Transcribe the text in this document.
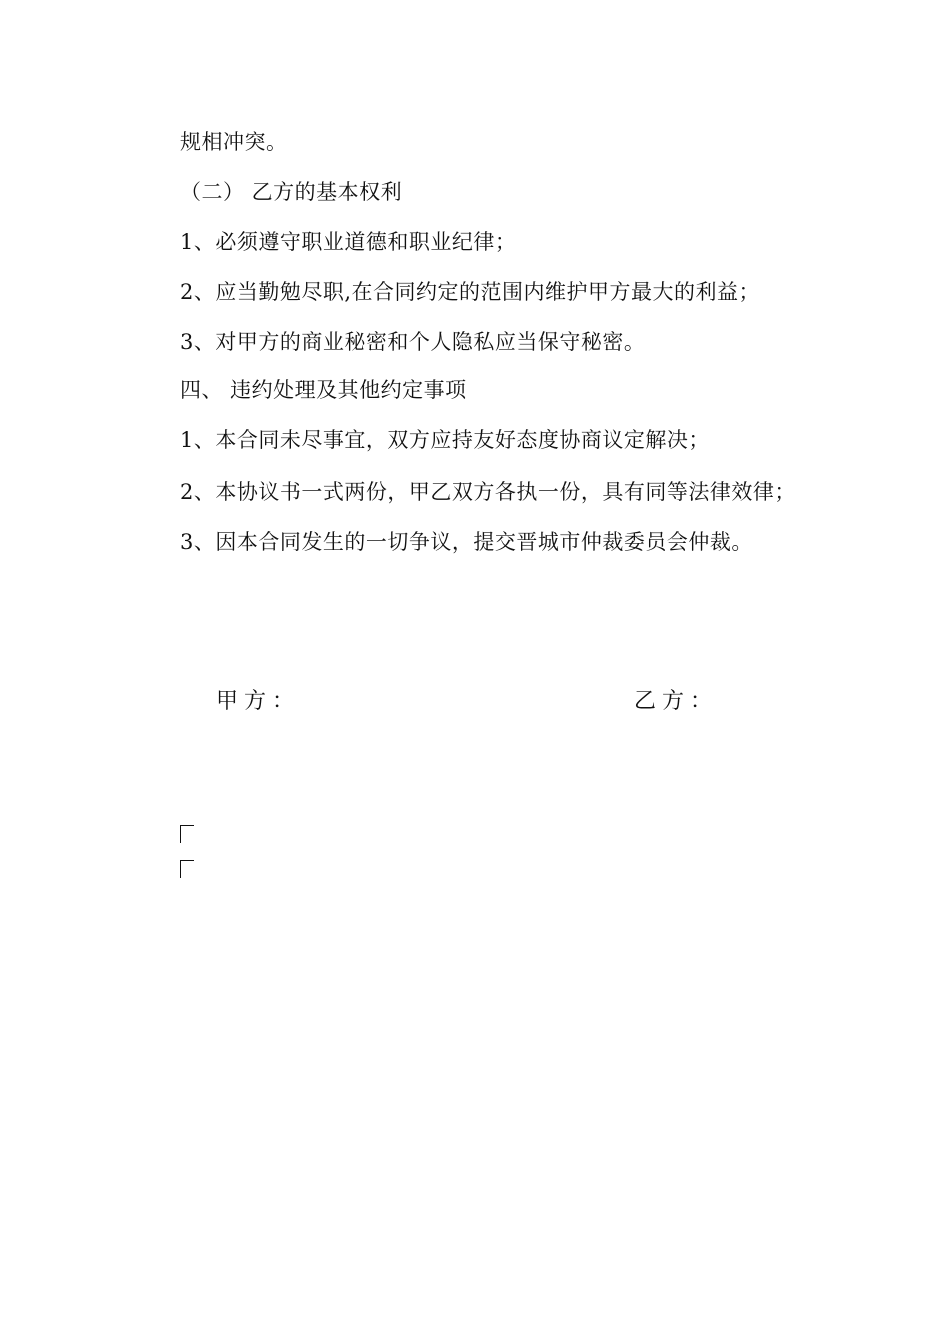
规相冲突。
（二） 乙方的基本权利
1、必须遵守职业道德和职业纪律；
2、应当勤勉尽职,在合同约定的范围内维护甲方最大的利益；
3、对甲方的商业秘密和个人隐私应当保守秘密。
四、 违约处理及其他约定事项
1、本合同未尽事宜，双方应持友好态度协商议定解决；
2、本协议书一式两份，甲乙双方各执一份，具有同等法律效律；
3、因本合同发生的一切争议，提交晋城市仲裁委员会仲裁。
甲方：	乙方：
